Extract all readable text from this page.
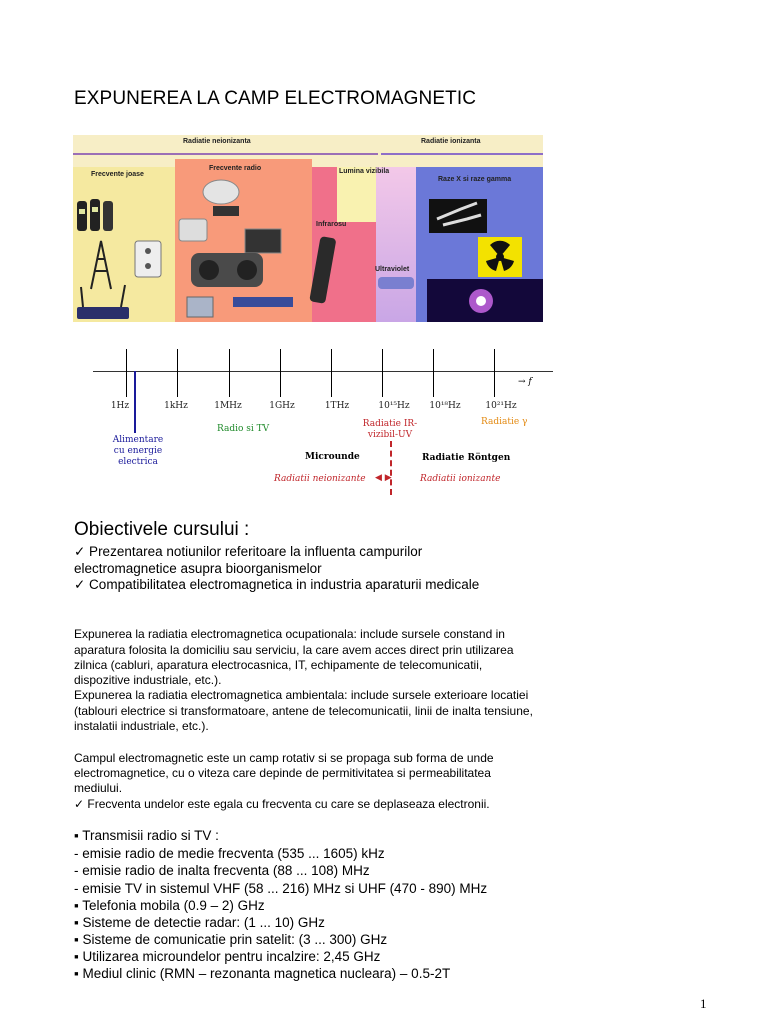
EXPUNEREA LA CAMP ELECTROMAGNETIC
Radiatie neionizanta	Radiatie ionizanta
Frecvente joase
Frecvente radio	Lumina vizibila
Infrarosu
Ultraviolet
Raze X si raze gamma
→ f
1Hz	1kHz	1MHz	1GHz	1THz	10¹⁵Hz 10¹⁸Hz	10²¹Hz
Alimentare cu energie electrica
Radio si TV	Radiatie IR-vizibil-UV
Radiatie γ
Microunde	Radiatie Röntgen
Radiatii neionizante	Radiatii ionizante
◀ ▶
Obiectivele cursului :
✓ Prezentarea notiunilor referitoare la influenta campurilor
electromagnetice asupra bioorganismelor
✓ Compatibilitatea electromagnetica in industria aparaturii medicale
Expunerea la radiatia electromagnetica ocupationala: include sursele constand in
aparatura folosita la domiciliu sau serviciu, la care avem acces direct prin utilizarea
zilnica (cabluri, aparatura electrocasnica, IT, echipamente de telecomunicatii,
dispozitive industriale, etc.).
Expunerea la radiatia electromagnetica ambientala: include sursele exterioare locatiei
(tablouri electrice si transformatoare, antene de telecomunicatii, linii de inalta tensiune,
instalatii industriale, etc.).
Campul electromagnetic este un camp rotativ si se propaga sub forma de unde
electromagnetice, cu o viteza care depinde de permitivitatea si permeabilitatea
mediului.
✓ Frecventa undelor este egala cu frecventa cu care se deplaseaza electronii.
▪ Transmisii radio si TV :
- emisie radio de medie frecventa (535 ... 1605) kHz
- emisie radio de inalta frecventa (88 ... 108) MHz
- emisie TV in sistemul VHF (58 ... 216) MHz si UHF (470 - 890) MHz
▪ Telefonia mobila (0.9 – 2) GHz
▪ Sisteme de detectie radar: (1 ... 10) GHz
▪ Sisteme de comunicatie prin satelit: (3 ... 300) GHz
▪ Utilizarea microundelor pentru incalzire: 2,45 GHz
▪ Mediul clinic (RMN – rezonanta magnetica nucleara) – 0.5-2T
1
